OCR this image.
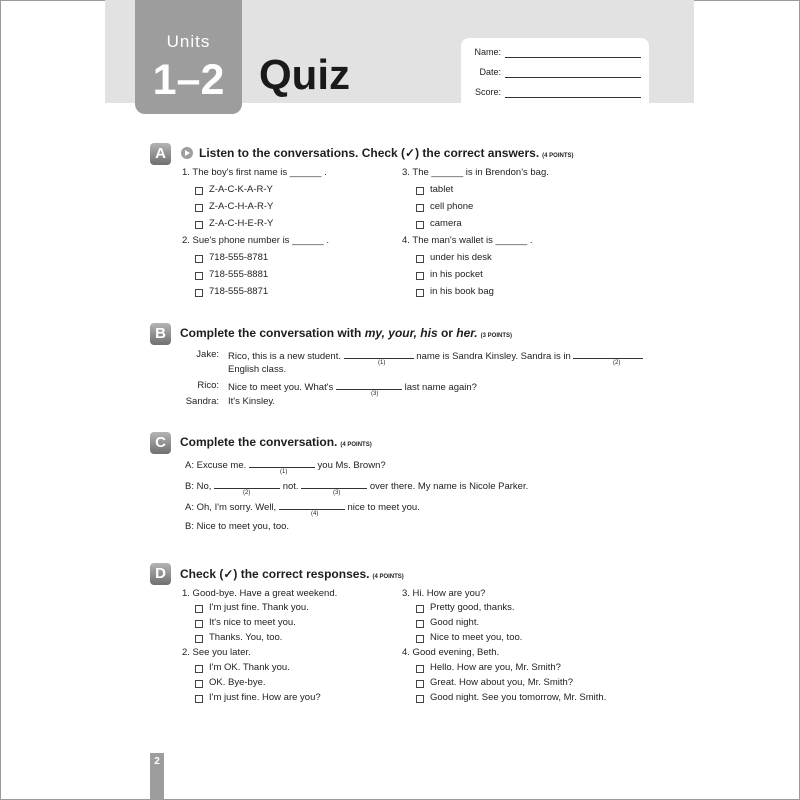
Units
1–2 Quiz	Name:
Date:
Score:
A	Listen to the conversations. Check (✓) the correct answers. (4 POINTS)
1. The boy's first name is ______ .
Z-A-C-K-A-R-Y
Z-A-C-H-A-R-Y
Z-A-C-H-E-R-Y
2. Sue's phone number is ______ .
718-555-8781
718-555-8881
718-555-8871
3. The ______ is in Brendon's bag.
tablet
cell phone
camera
4. The man's wallet is ______ .
under his desk
in his pocket
in his book bag
B	Complete the conversation with my, your, his or her. (3 POINTS)
Jake: Rico, this is a new student.	name is Sandra Kinsley. Sandra is in
(1)	(2)
English class.
Rico: Nice to meet you. What's	last name again?
(3)
Sandra: It's Kinsley.
C	Complete the conversation. (4 POINTS)
A: Excuse me.	you Ms. Brown?
(1)
B: No,	not.	over there. My name is Nicole Parker.
(2)	(3)
A: Oh, I'm sorry. Well,	nice to meet you.
(4)
B: Nice to meet you, too.
D	Check (✓) the correct responses. (4 POINTS)
1. Good-bye. Have a great weekend.
I'm just fine. Thank you.
It's nice to meet you.
Thanks. You, too.
2. See you later.
I'm OK. Thank you.
OK. Bye-bye.
I'm just fine. How are you?
3. Hi. How are you?
Pretty good, thanks.
Good night.
Nice to meet you, too.
4. Good evening, Beth.
Hello. How are you, Mr. Smith?
Great. How about you, Mr. Smith?
Good night. See you tomorrow, Mr. Smith.
2
